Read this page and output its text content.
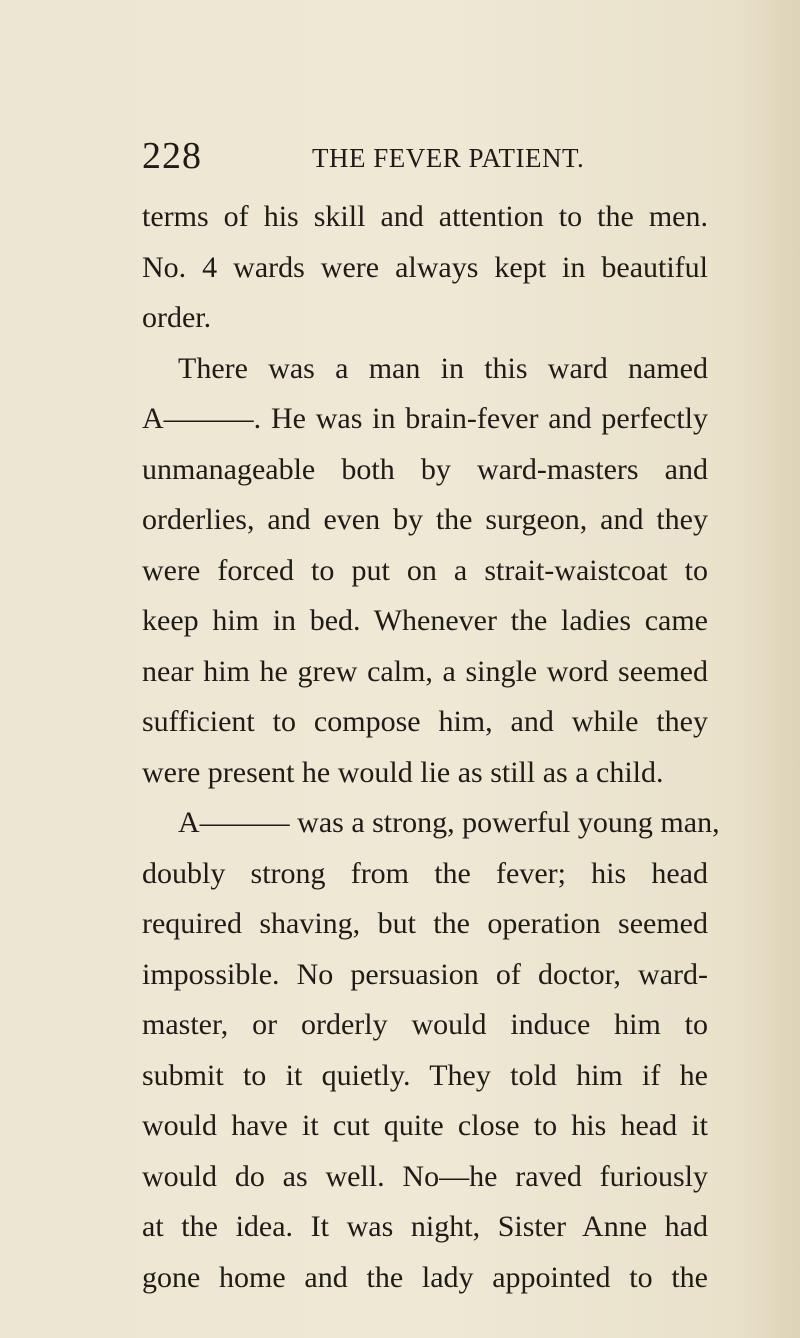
228	THE FEVER PATIENT.
terms of his skill and attention to the men.
No. 4 wards were always kept in beautiful
order.
There was a man in this ward named
A———. He was in brain-fever and perfectly
unmanageable both by ward-masters and
orderlies, and even by the surgeon, and they
were forced to put on a strait-waistcoat to
keep him in bed. Whenever the ladies came
near him he grew calm, a single word seemed
sufficient to compose him, and while they
were present he would lie as still as a child.
A——— was a strong, powerful young man,
doubly strong from the fever; his head
required shaving, but the operation seemed
impossible. No persuasion of doctor, ward-
master, or orderly would induce him to
submit to it quietly. They told him if he
would have it cut quite close to his head it
would do as well. No—he raved furiously
at the idea. It was night, Sister Anne had
gone home and the lady appointed to the
